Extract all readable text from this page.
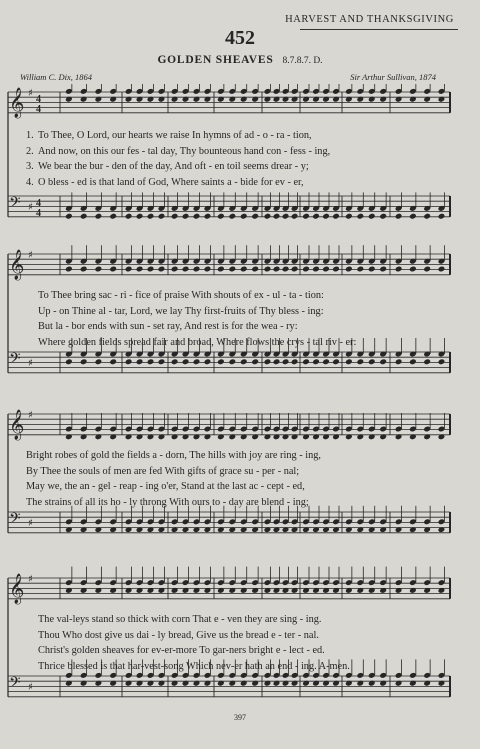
HARVEST AND THANKSGIVING
452
GOLDEN SHEAVES 8.7.8.7. D.
William C. Dix, 1864	Sir Arthur Sullivan, 1874
𝄞 ♯
4
4
𝄢 ♯ 4
4
1. To Thee, O Lord, our hearts we raise In hymns of ad - o - ra - tion,
2. And now, on this our fes - tal day, Thy bounteous hand con - fess - ing,
3. We bear the bur - den of the day, And oft - en toil seems drear - y;
4. O bless - ed is that land of God, Where saints a - bide for ev - er,
𝄞 ♯
𝄢 ♯
To Thee bring sac - ri - fice of praise With shouts of ex - ul - ta - tion:
Up - on Thine al - tar, Lord, we lay Thy first-fruits of Thy bless - ing:
But la - bor ends with sun - set ray, And rest is for the wea - ry:
Where golden fields spread fair and broad, Where flows the crys - tal riv - er:
𝄞 ♯
𝄢 ♯
Bright robes of gold the fields a - dorn, The hills with joy are ring - ing,
By Thee the souls of men are fed With gifts of grace su - per - nal;
May we, the an - gel - reap - ing o'er, Stand at the last ac - cept - ed,
The strains of all its ho - ly throng With ours to - day are blend - ing;
𝄞 ♯
𝄢 ♯
The val-leys stand so thick with corn That e - ven they are sing - ing.
Thou Who dost give us dai - ly bread, Give us the bread e - ter - nal.
Christ's golden sheaves for ev-er-more To gar-ners bright e - lect - ed.
Thrice blessed is that har-vest-song Which nev-er hath an end - ing. A-men.
397
